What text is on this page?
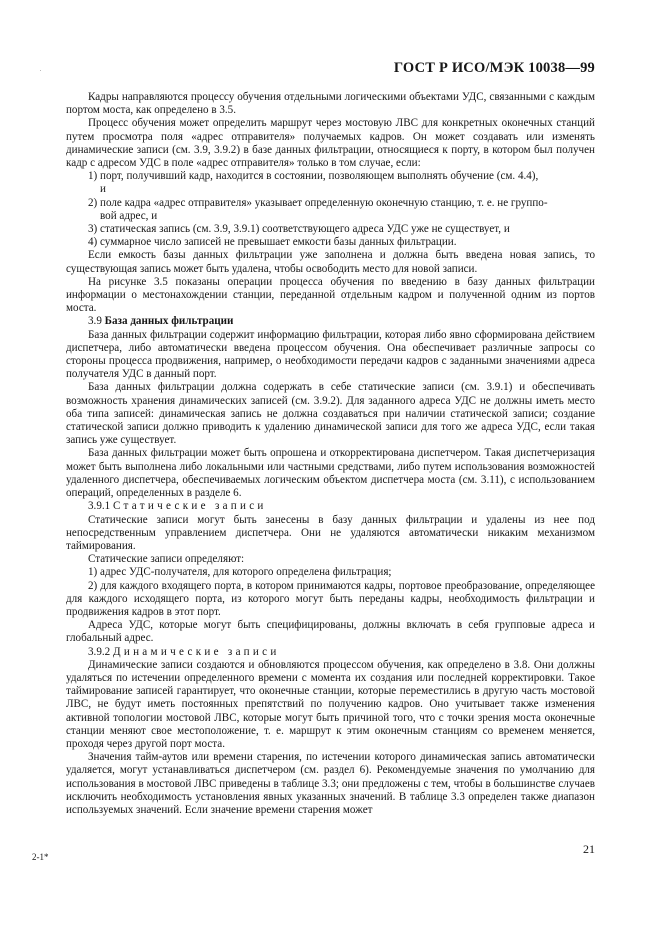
ГОСТ Р ИСО/МЭК 10038—99

Кадры направляются процессу обучения отдельными логическими объектами УДС, связанными с каждым портом моста, как определено в 3.5.

Процесс обучения может определить маршрут через мостовую ЛВС для конкретных оконечных станций путем просмотра поля «адрес отправителя» получаемых кадров. Он может создавать или изменять динамические записи (см. 3.9, 3.9.2) в базе данных фильтрации, относящиеся к порту, в котором был получен кадр с адресом УДС в поле «адрес отправителя» только в том случае, если:

1) порт, получивший кадр, находится в состоянии, позволяющем выполнять обучение (см. 4.4),

и

2) поле кадра «адрес отправителя» указывает определенную оконечную станцию, т. е. не группо-

вой адрес, и

3) статическая запись (см. 3.9, 3.9.1) соответствующего адреса УДС уже не существует, и

4) суммарное число записей не превышает емкости базы данных фильтрации.

Если емкость базы данных фильтрации уже заполнена и должна быть введена новая запись, то существующая запись может быть удалена, чтобы освободить место для новой записи.

На рисунке 3.5 показаны операции процесса обучения по введению в базу данных фильтрации информации о местонахождении станции, переданной отдельным кадром и полученной одним из портов моста.

3.9 База данных фильтрации

База данных фильтрации содержит информацию фильтрации, которая либо явно сформирована действием диспетчера, либо автоматически введена процессом обучения. Она обеспечивает различные запросы со стороны процесса продвижения, например, о необходимости передачи кадров с заданными значениями адреса получателя УДС в данный порт.

База данных фильтрации должна содержать в себе статические записи (см. 3.9.1) и обеспечивать возможность хранения динамических записей (см. 3.9.2). Для заданного адреса УДС не должны иметь место оба типа записей: динамическая запись не должна создаваться при наличии статической записи; создание статической записи должно приводить к удалению динамической записи для того же адреса УДС, если такая запись уже существует.

База данных фильтрации может быть опрошена и откорректирована диспетчером. Такая диспетчеризация может быть выполнена либо локальными или частными средствами, либо путем использования возможностей удаленного диспетчера, обеспечиваемых логическим объектом диспетчера моста (см. 3.11), с использованием операций, определенных в разделе 6.

3.9.1 Статические записи

Статические записи могут быть занесены в базу данных фильтрации и удалены из нее под непосредственным управлением диспетчера. Они не удаляются автоматически никаким механизмом таймирования.

Статические записи определяют:

1) адрес УДС-получателя, для которого определена фильтрация;

2) для каждого входящего порта, в котором принимаются кадры, портовое преобразование, определяющее для каждого исходящего порта, из которого могут быть переданы кадры, необходимость фильтрации и продвижения кадров в этот порт.

Адреса УДС, которые могут быть специфицированы, должны включать в себя групповые адреса и глобальный адрес.

3.9.2 Динамические записи

Динамические записи создаются и обновляются процессом обучения, как определено в 3.8. Они должны удаляться по истечении определенного времени с момента их создания или последней корректировки. Такое таймирование записей гарантирует, что оконечные станции, которые переместились в другую часть мостовой ЛВС, не будут иметь постоянных препятствий по получению кадров. Оно учитывает также изменения активной топологии мостовой ЛВС, которые могут быть причиной того, что с точки зрения моста оконечные станции меняют свое местоположение, т. е. маршрут к этим оконечным станциям со временем меняется, проходя через другой порт моста.

Значения тайм-аутов или времени старения, по истечении которого динамическая запись автоматически удаляется, могут устанавливаться диспетчером (см. раздел 6). Рекомендуемые значения по умолчанию для использования в мостовой ЛВС приведены в таблице 3.3; они предложены с тем, чтобы в большинстве случаев исключить необходимость установления явных указанных значений. В таблице 3.3 определен также диапазон используемых значений. Если значение времени старения может

2-1*
21
